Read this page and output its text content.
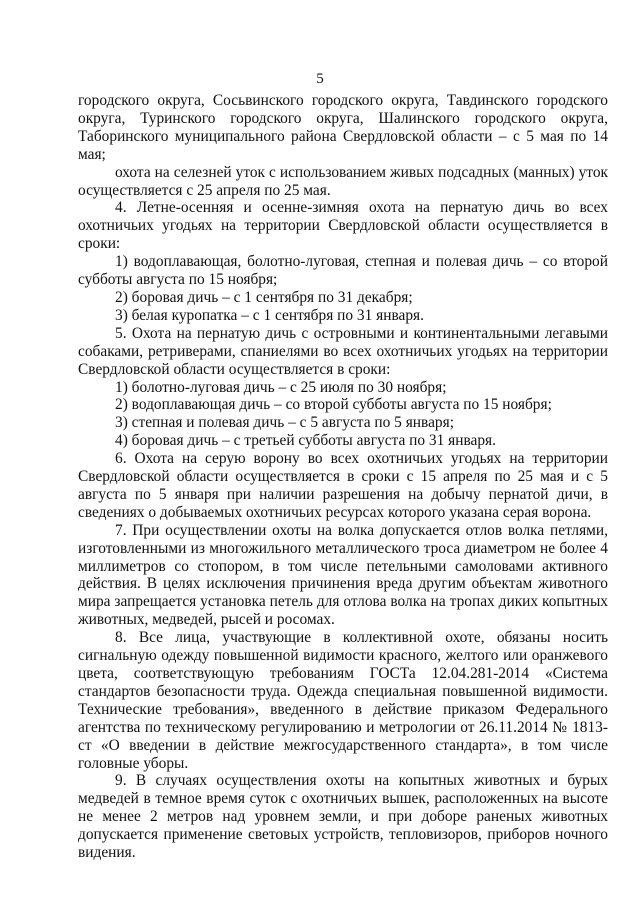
5

городского округа, Сосьвинского городского округа, Тавдинского городского округа, Туринского городского округа, Шалинского городского округа, Таборинского муниципального района Свердловской области – с 5 мая по 14 мая;

охота на селезней уток с использованием живых подсадных (манных) уток осуществляется с 25 апреля по 25 мая.

4. Летне-осенняя и осенне-зимняя охота на пернатую дичь во всех охотничьих угодьях на территории Свердловской области осуществляется в сроки:

1) водоплавающая, болотно-луговая, степная и полевая дичь – со второй субботы августа по 15 ноября;

2) боровая дичь – с 1 сентября по 31 декабря;

3) белая куропатка – с 1 сентября по 31 января.

5. Охота на пернатую дичь с островными и континентальными легавыми собаками, ретриверами, спаниелями во всех охотничьих угодьях на территории Свердловской области осуществляется в сроки:

1) болотно-луговая дичь – с 25 июля по 30 ноября;

2) водоплавающая дичь – со второй субботы августа по 15 ноября;

3) степная и полевая дичь – с 5 августа по 5 января;

4) боровая дичь – с третьей субботы августа по 31 января.

6. Охота на серую ворону во всех охотничьих угодьях на территории Свердловской области осуществляется в сроки с 15 апреля по 25 мая и с 5 августа по 5 января при наличии разрешения на добычу пернатой дичи, в сведениях о добываемых охотничьих ресурсах которого указана серая ворона.

7. При осуществлении охоты на волка допускается отлов волка петлями, изготовленными из многожильного металлического троса диаметром не более 4 миллиметров со стопором, в том числе петельными самоловами активного действия. В целях исключения причинения вреда другим объектам животного мира запрещается установка петель для отлова волка на тропах диких копытных животных, медведей, рысей и росомах.

8. Все лица, участвующие в коллективной охоте, обязаны носить сигнальную одежду повышенной видимости красного, желтого или оранжевого цвета, соответствующую требованиям ГОСТа 12.04.281-2014 «Система стандартов безопасности труда. Одежда специальная повышенной видимости. Технические требования», введенного в действие приказом Федерального агентства по техническому регулированию и метрологии от 26.11.2014 № 1813-ст «О введении в действие межгосударственного стандарта», в том числе головные уборы.

9. В случаях осуществления охоты на копытных животных и бурых медведей в темное время суток с охотничьих вышек, расположенных на высоте не менее 2 метров над уровнем земли, и при доборе раненых животных допускается применение световых устройств, тепловизоров, приборов ночного видения.
